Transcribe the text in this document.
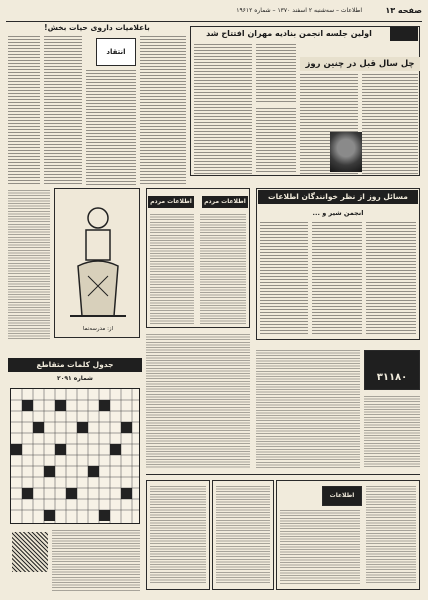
صفحه ۱۳
اطلاعات – سه‌شنبه ۲ اسفند ۱۳۷۰ – شماره ۱۹۶۱۲
اولین جلسه انجمن بنادیه مهران افتتاح شد
چل سال قبل در چنین روز
باعلامیات دارو‌ی حیات بخش!
انتقاد
از: مدرسه‌نما
مسائل روز از نظر خوانندگان اطلاعات
انجمن شیر و ...
اطلاعات مردم	اطلاعات مردم
جدول کلمات متقاطع
شماره ۲۰۹۱	۳۱۱۸۰
اطلاعات
